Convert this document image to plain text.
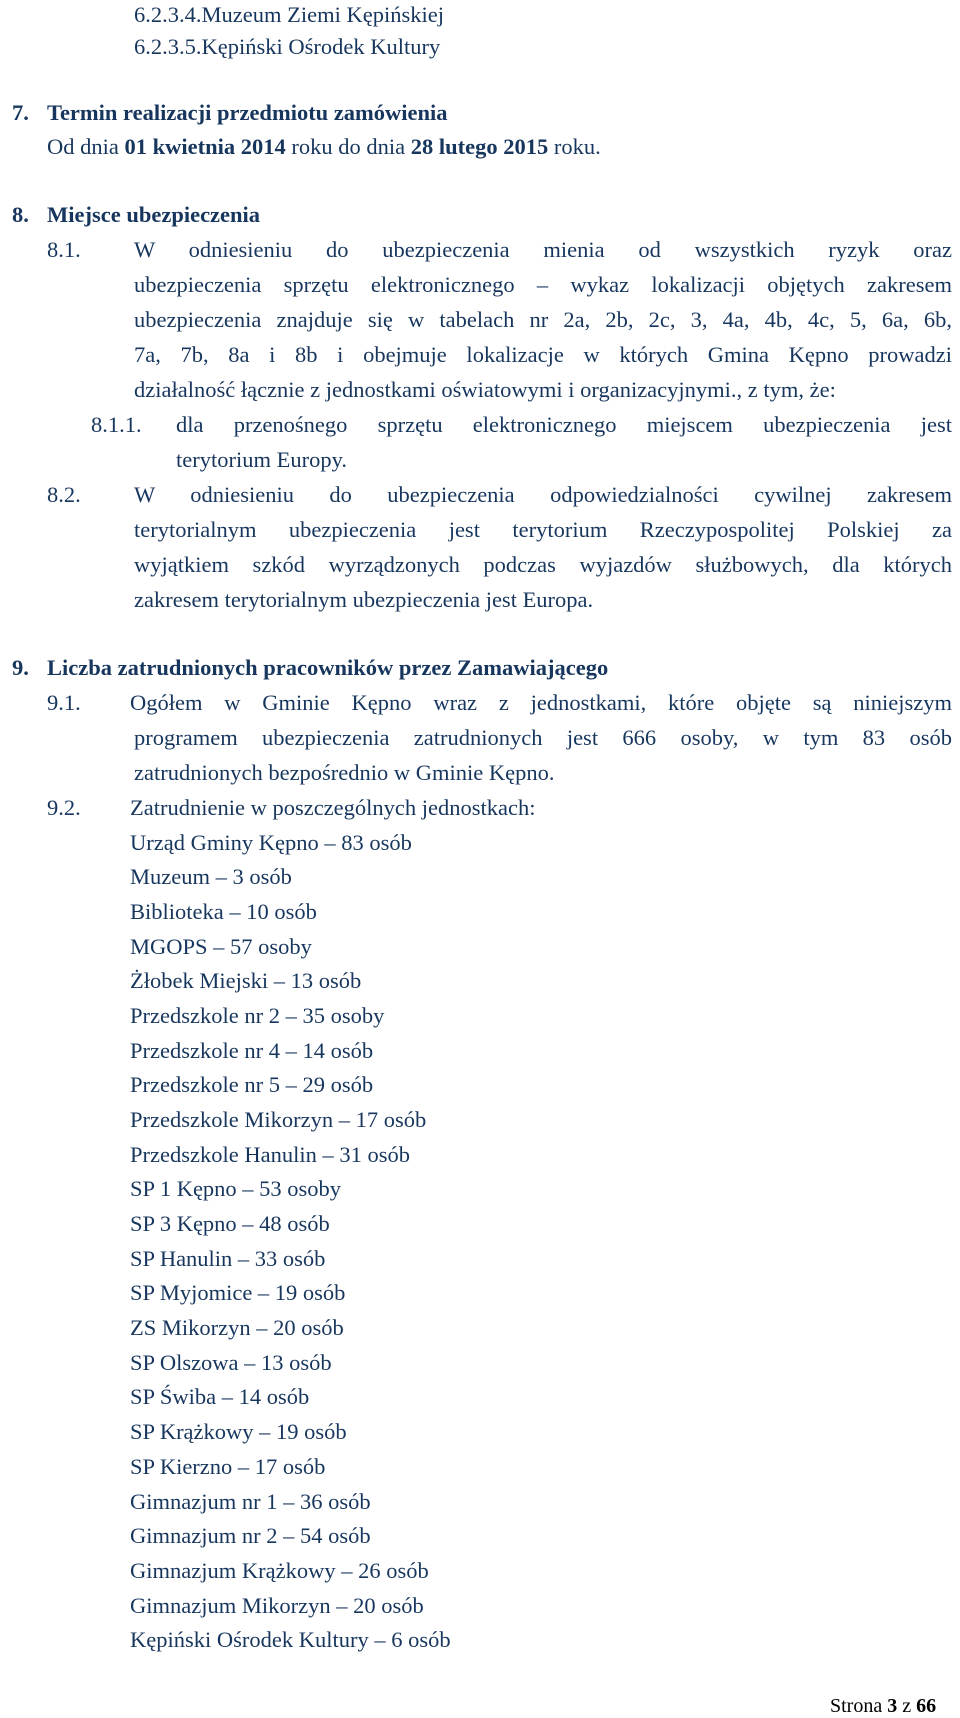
6.2.3.4.Muzeum Ziemi Kępińskiej
6.2.3.5.Kępiński Ośrodek Kultury
7. Termin realizacji przedmiotu zamówienia
Od dnia 01 kwietnia 2014 roku do dnia 28 lutego 2015 roku.
8. Miejsce ubezpieczenia
8.1. W odniesieniu do ubezpieczenia mienia od wszystkich ryzyk oraz
ubezpieczenia sprzętu elektronicznego – wykaz lokalizacji objętych zakresem
ubezpieczenia znajduje się w tabelach nr 2a, 2b, 2c, 3, 4a, 4b, 4c, 5, 6a, 6b,
7a, 7b, 8a i 8b i obejmuje lokalizacje w których Gmina Kępno prowadzi
działalność łącznie z jednostkami oświatowymi i organizacyjnymi., z tym, że:
8.1.1. dla przenośnego sprzętu elektronicznego miejscem ubezpieczenia jest
terytorium Europy.
8.2. W odniesieniu do ubezpieczenia odpowiedzialności cywilnej zakresem
terytorialnym ubezpieczenia jest terytorium Rzeczypospolitej Polskiej za
wyjątkiem szkód wyrządzonych podczas wyjazdów służbowych, dla których
zakresem terytorialnym ubezpieczenia jest Europa.
9. Liczba zatrudnionych pracowników przez Zamawiającego
9.1. Ogółem w Gminie Kępno wraz z jednostkami, które objęte są niniejszym
programem ubezpieczenia zatrudnionych jest 666 osoby, w tym 83 osób
zatrudnionych bezpośrednio w Gminie Kępno.
9.2. Zatrudnienie w poszczególnych jednostkach:
Urząd Gminy Kępno – 83 osób
Muzeum – 3 osób
Biblioteka – 10 osób
MGOPS – 57 osoby
Żłobek Miejski – 13 osób
Przedszkole nr 2 – 35 osoby
Przedszkole nr 4 – 14 osób
Przedszkole nr 5 – 29 osób
Przedszkole Mikorzyn – 17 osób
Przedszkole Hanulin – 31 osób
SP 1 Kępno – 53 osoby
SP 3 Kępno – 48 osób
SP Hanulin – 33 osób
SP Myjomice – 19 osób
ZS Mikorzyn – 20 osób
SP Olszowa – 13 osób
SP Świba – 14 osób
SP Krążkowy – 19 osób
SP Kierzno – 17 osób
Gimnazjum nr 1 – 36 osób
Gimnazjum nr 2 – 54 osób
Gimnazjum Krążkowy – 26 osób
Gimnazjum Mikorzyn – 20 osób
Kępiński Ośrodek Kultury – 6 osób
Strona 3 z 66
